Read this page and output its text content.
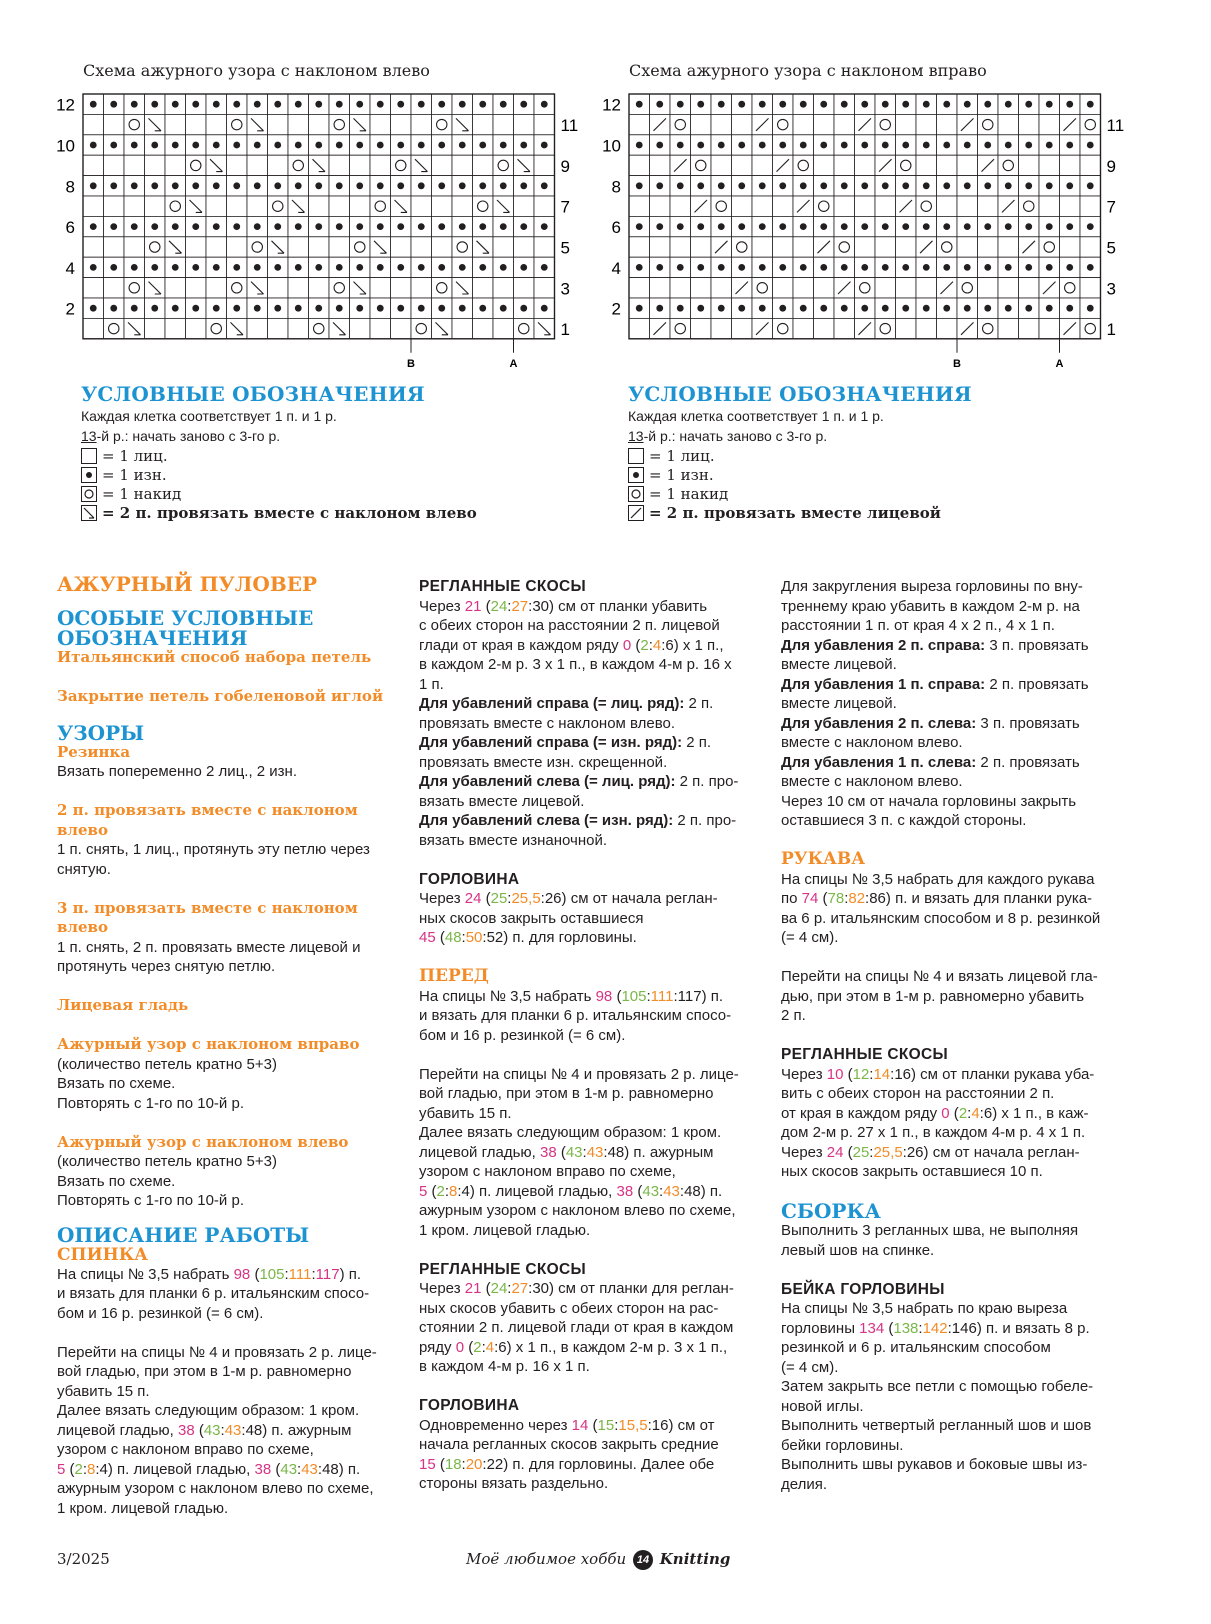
Схема ажурного узора с наклоном влево	Схема ажурного узора с наклоном вправо
12
10
8
6
4
2
11
9
7
5
3
1
B	A
12
10
8
6
4
2
11
9
7
5
3
1
B	A
УСЛОВНЫЕ ОБОЗНАЧЕНИЯ
Каждая клетка соответствует 1 п. и 1 р.
13-й р.: начать заново с 3-го р.
= 1 лиц.
= 1 изн.
= 1 накид
= 2 п. провязать вместе с наклоном влево
УСЛОВНЫЕ ОБОЗНАЧЕНИЯ
Каждая клетка соответствует 1 п. и 1 р.
13-й р.: начать заново с 3-го р.
= 1 лиц.
= 1 изн.
= 1 накид
= 2 п. провязать вместе лицевой

АЖУРНЫЙ ПУЛОВЕР

ОСОБЫЕ УСЛОВНЫЕ
ОБОЗНАЧЕНИЯ

Итальянский способ набора петель

Закрытие петель гобеленовой иглой

УЗОРЫ

Резинка

Вязать попеременно 2 лиц., 2 изн.

2 п. провязать вместе с наклоном влево

1 п. снять, 1 лиц., протянуть эту петлю через

снятую.

3 п. провязать вместе с наклоном влево

1 п. снять, 2 п. провязать вместе лицевой и

протянуть через снятую петлю.

Лицевая гладь

Ажурный узор с наклоном вправо

(количество петель кратно 5+3)

Вязать по схеме.

Повторять с 1-го по 10-й р.

Ажурный узор с наклоном влево

(количество петель кратно 5+3)

Вязать по схеме.

Повторять с 1-го по 10-й р.

ОПИСАНИЕ РАБОТЫ

СПИНКА

На спицы № 3,5 набрать 98 (105:111:117) п.

и вязать для планки 6 р. итальянским спосо-

бом и 16 р. резинкой (= 6 см).

Перейти на спицы № 4 и провязать 2 р. лице-

вой гладью, при этом в 1-м р. равномерно

убавить 15 п.

Далее вязать следующим образом: 1 кром.

лицевой гладью, 38 (43:43:48) п. ажурным

узором с наклоном вправо по схеме,

5 (2:8:4) п. лицевой гладью, 38 (43:43:48) п.

ажурным узором с наклоном влево по схеме,

1 кром. лицевой гладью.

РЕГЛАННЫЕ СКОСЫ

Через 21 (24:27:30) см от планки убавить

с обеих сторон на расстоянии 2 п. лицевой

глади от края в каждом ряду 0 (2:4:6) х 1 п.,

в каждом 2-м р. 3 х 1 п., в каждом 4-м р. 16 х

1 п.

Для убавлений справа (= лиц. ряд): 2 п.

провязать вместе с наклоном влево.

Для убавлений справа (= изн. ряд): 2 п.

провязать вместе изн. скрещенной.

Для убавлений слева (= лиц. ряд): 2 п. про-

вязать вместе лицевой.

Для убавлений слева (= изн. ряд): 2 п. про-

вязать вместе изнаночной.

ГОРЛОВИНА

Через 24 (25:25,5:26) см от начала реглан-

ных скосов закрыть оставшиеся

45 (48:50:52) п. для горловины.

ПЕРЕД

На спицы № 3,5 набрать 98 (105:111:117) п.

и вязать для планки 6 р. итальянским спосо-

бом и 16 р. резинкой (= 6 см).

Перейти на спицы № 4 и провязать 2 р. лице-

вой гладью, при этом в 1-м р. равномерно

убавить 15 п.

Далее вязать следующим образом: 1 кром.

лицевой гладью, 38 (43:43:48) п. ажурным

узором с наклоном вправо по схеме,

5 (2:8:4) п. лицевой гладью, 38 (43:43:48) п.

ажурным узором с наклоном влево по схеме,

1 кром. лицевой гладью.

РЕГЛАННЫЕ СКОСЫ

Через 21 (24:27:30) см от планки для реглан-

ных скосов убавить с обеих сторон на рас-

стоянии 2 п. лицевой глади от края в каждом

ряду 0 (2:4:6) х 1 п., в каждом 2-м р. 3 х 1 п.,

в каждом 4-м р. 16 х 1 п.

ГОРЛОВИНА

Одновременно через 14 (15:15,5:16) см от

начала регланных скосов закрыть средние

15 (18:20:22) п. для горловины. Далее обе

стороны вязать раздельно.

Для закругления выреза горловины по вну-

треннему краю убавить в каждом 2-м р. на

расстоянии 1 п. от края 4 х 2 п., 4 х 1 п.

Для убавления 2 п. справа: 3 п. провязать

вместе лицевой.

Для убавления 1 п. справа: 2 п. провязать

вместе лицевой.

Для убавления 2 п. слева: 3 п. провязать

вместе с наклоном влево.

Для убавления 1 п. слева: 2 п. провязать

вместе с наклоном влево.

Через 10 см от начала горловины закрыть

оставшиеся 3 п. с каждой стороны.

РУКАВА

На спицы № 3,5 набрать для каждого рукава

по 74 (78:82:86) п. и вязать для планки рука-

ва 6 р. итальянским способом и 8 р. резинкой

(= 4 см).

Перейти на спицы № 4 и вязать лицевой гла-

дью, при этом в 1-м р. равномерно убавить

2 п.

РЕГЛАННЫЕ СКОСЫ

Через 10 (12:14:16) см от планки рукава уба-

вить с обеих сторон на расстоянии 2 п.

от края в каждом ряду 0 (2:4:6) х 1 п., в каж-

дом 2-м р. 27 х 1 п., в каждом 4-м р. 4 х 1 п.

Через 24 (25:25,5:26) см от начала реглан-

ных скосов закрыть оставшиеся 10 п.

СБОРКА

Выполнить 3 регланных шва, не выполняя

левый шов на спинке.

БЕЙКА ГОРЛОВИНЫ

На спицы № 3,5 набрать по краю выреза

горловины 134 (138:142:146) п. и вязать 8 р.

резинкой и 6 р. итальянским способом

(= 4 см).

Затем закрыть все петли с помощью гобеле-

новой иглы.

Выполнить четвертый регланный шов и шов

бейки горловины.

Выполнить швы рукавов и боковые швы из-

делия.

3/2025	Моё любимое хобби 14 Knitting
